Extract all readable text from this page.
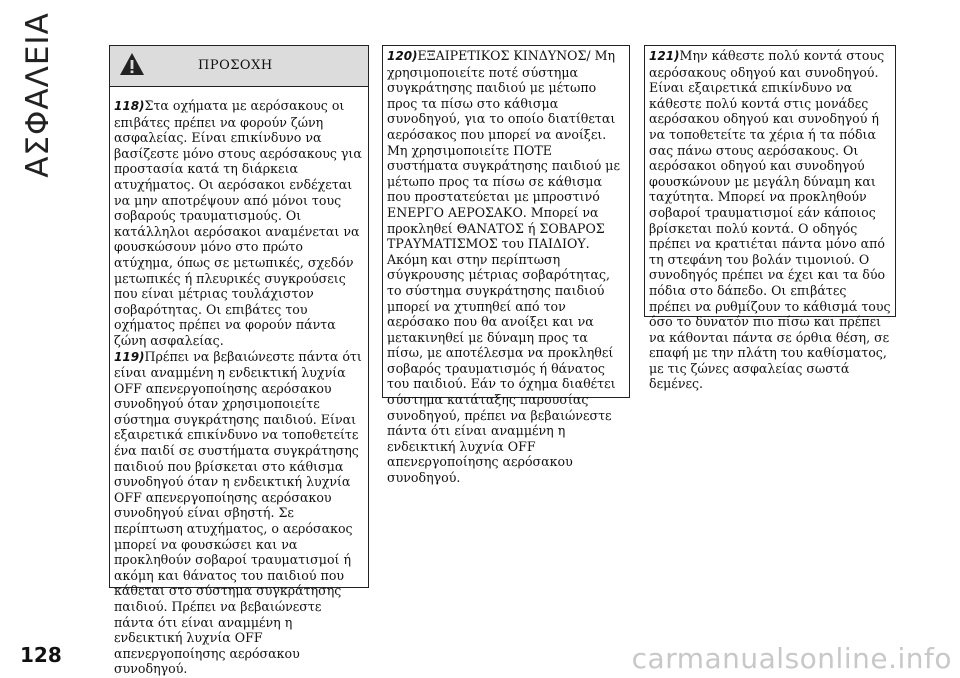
ΑΣΦΑΛΕΙΑ	ΠΡΟΣΟΧΗ

118)Στα οχήματα με αερόσακους οι επιβάτες πρέπει να φορούν ζώνη ασφαλείας. Είναι επικίνδυνο να βασίζεστε μόνο στους αερόσακους για προστασία κατά τη διάρκεια ατυχήματος. Οι αερόσακοι ενδέχεται να μην αποτρέψουν από μόνοι τους σοβαρούς τραυματισμούς. Οι κατάλληλοι αερόσακοι αναμένεται να φουσκώσουν μόνο στο πρώτο ατύχημα, όπως σε μετωπικές, σχεδόν μετωπικές ή πλευρικές συγκρούσεις που είναι μέτριας τουλάχιστον σοβαρότητας. Οι επιβάτες του οχήματος πρέπει να φορούν πάντα ζώνη ασφαλείας.

119)Πρέπει να βεβαιώνεστε πάντα ότι είναι αναμμένη η ενδεικτική λυχνία OFF απενεργοποίησης αερόσακου συνοδηγού όταν χρησιμοποιείτε σύστημα συγκράτησης παιδιού. Είναι εξαιρετικά επικίνδυνο να τοποθετείτε ένα παιδί σε συστήματα συγκράτησης παιδιού που βρίσκεται στο κάθισμα συνοδηγού όταν η ενδεικτική λυχνία OFF απενεργοποίησης αερόσακου συνοδηγού είναι σβηστή. Σε περίπτωση ατυχήματος, ο αερόσακος μπορεί να φουσκώσει και να προκληθούν σοβαροί τραυματισμοί ή ακόμη και θάνατος του παιδιού που κάθεται στο σύστημα συγκράτησης παιδιού. Πρέπει να βεβαιώνεστε πάντα ότι είναι αναμμένη η ενδεικτική λυχνία OFF απενεργοποίησης αερόσακου συνοδηγού.

120)ΕΞΑΙΡΕΤΙΚΟΣ ΚΙΝΔΥΝΟΣ/ Μη χρησιμοποιείτε ποτέ σύστημα συγκράτησης παιδιού με μέτωπο προς τα πίσω στο κάθισμα συνοδηγού, για το οποίο διατίθεται αερόσακος που μπορεί να ανοίξει. Μη χρησιμοποιείτε ΠΟΤΕ συστήματα συγκράτησης παιδιού με μέτωπο προς τα πίσω σε κάθισμα που προστατεύεται με μπροστινό ΕΝΕΡΓΟ ΑΕΡΟΣΑΚΟ. Μπορεί να προκληθεί ΘΑΝΑΤΟΣ ή ΣΟΒΑΡΟΣ ΤΡΑΥΜΑΤΙΣΜΟΣ του ΠΑΙΔΙΟΥ. Ακόμη και στην περίπτωση σύγκρουσης μέτριας σοβαρότητας, το σύστημα συγκράτησης παιδιού μπορεί να χτυπηθεί από τον αερόσακο που θα ανοίξει και να μετακινηθεί με δύναμη προς τα πίσω, με αποτέλεσμα να προκληθεί σοβαρός τραυματισμός ή θάνατος του παιδιού. Εάν το όχημα διαθέτει σύστημα κατάταξης παρουσίας συνοδηγού, πρέπει να βεβαιώνεστε πάντα ότι είναι αναμμένη η ενδεικτική λυχνία OFF απενεργοποίησης αερόσακου συνοδηγού.

121)Μην κάθεστε πολύ κοντά στους αερόσακους οδηγού και συνοδηγού. Είναι εξαιρετικά επικίνδυνο να κάθεστε πολύ κοντά στις μονάδες αερόσακου οδηγού και συνοδηγού ή να τοποθετείτε τα χέρια ή τα πόδια σας πάνω στους αερόσακους. Οι αερόσακοι οδηγού και συνοδηγού φουσκώνουν με μεγάλη δύναμη και ταχύτητα. Μπορεί να προκληθούν σοβαροί τραυματισμοί εάν κάποιος βρίσκεται πολύ κοντά. Ο οδηγός πρέπει να κρατιέται πάντα μόνο από τη στεφάνη του βολάν τιμονιού. Ο συνοδηγός πρέπει να έχει και τα δύο πόδια στο δάπεδο. Οι επιβάτες πρέπει να ρυθμίζουν το κάθισμά τους όσο το δυνατόν πιο πίσω και πρέπει να κάθονται πάντα σε όρθια θέση, σε επαφή με την πλάτη του καθίσματος, με τις ζώνες ασφαλείας σωστά δεμένες.

128	carmanualsonline.info
